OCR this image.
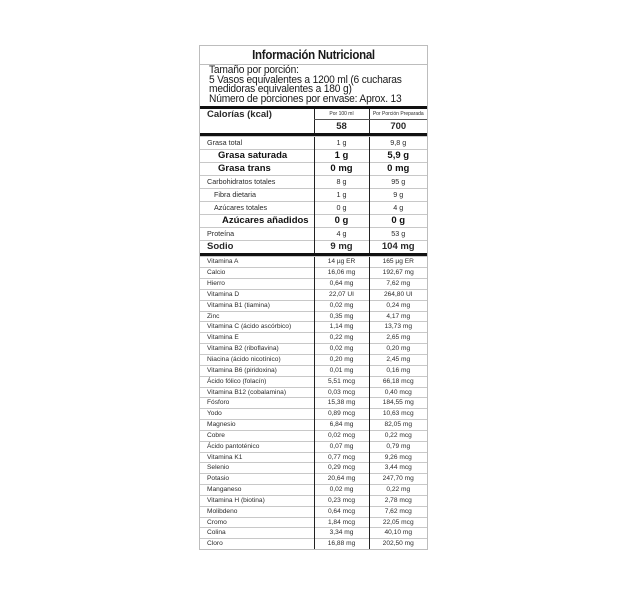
Información Nutricional
Tamaño por porción:
5 Vasos equivalentes a 1200 ml (6 cucharas
medidoras equivalentes a 180 g)
Número de porciones por envase: Aprox. 13
Calorías (kcal)	Por 100 ml	Por Porción Preparada
	58	700
Grasa total	1 g	9,8 g
Grasa saturada	1 g	5,9 g
Grasa trans	0 mg	0 mg
Carbohidratos totales	8 g	95 g
Fibra dietaria	1 g	9 g
Azúcares totales	0 g	4 g
Azúcares añadidos	0 g	0 g
Proteína	4 g	53 g
Sodio	9 mg	104 mg
Vitamina A	14 µg ER	165 µg ER
Calcio	16,06 mg	192,67 mg
Hierro	0,64 mg	7,62 mg
Vitamina D	22,07 UI	264,80 UI
Vitamina B1 (tiamina)	0,02 mg	0,24 mg
Zinc	0,35 mg	4,17 mg
Vitamina C (ácido ascórbico)	1,14 mg	13,73 mg
Vitamina E	0,22 mg	2,65 mg
Vitamina B2 (riboflavina)	0,02 mg	0,20 mg
Niacina (ácido nicotínico)	0,20 mg	2,45 mg
Vitamina B6 (piridoxina)	0,01 mg	0,16 mg
Ácido fólico (folacín)	5,51 mcg	66,18 mcg
Vitamina B12 (cobalamina)	0,03 mcg	0,40 mcg
Fósforo	15,38 mg	184,55 mg
Yodo	0,89 mcg	10,63 mcg
Magnesio	6,84 mg	82,05 mg
Cobre	0,02 mcg	0,22 mcg
Ácido pantoténico	0,07 mg	0,79 mg
Vitamina K1	0,77 mcg	9,26 mcg
Selenio	0,29 mcg	3,44 mcg
Potasio	20,64 mg	247,70 mg
Manganeso	0,02 mg	0,22 mg
Vitamina H (biotina)	0,23 mcg	2,78 mcg
Molibdeno	0,64 mcg	7,62 mcg
Cromo	1,84 mcg	22,05 mcg
Colina	3,34 mg	40,10 mg
Cloro	16,88 mg	202,50 mg
